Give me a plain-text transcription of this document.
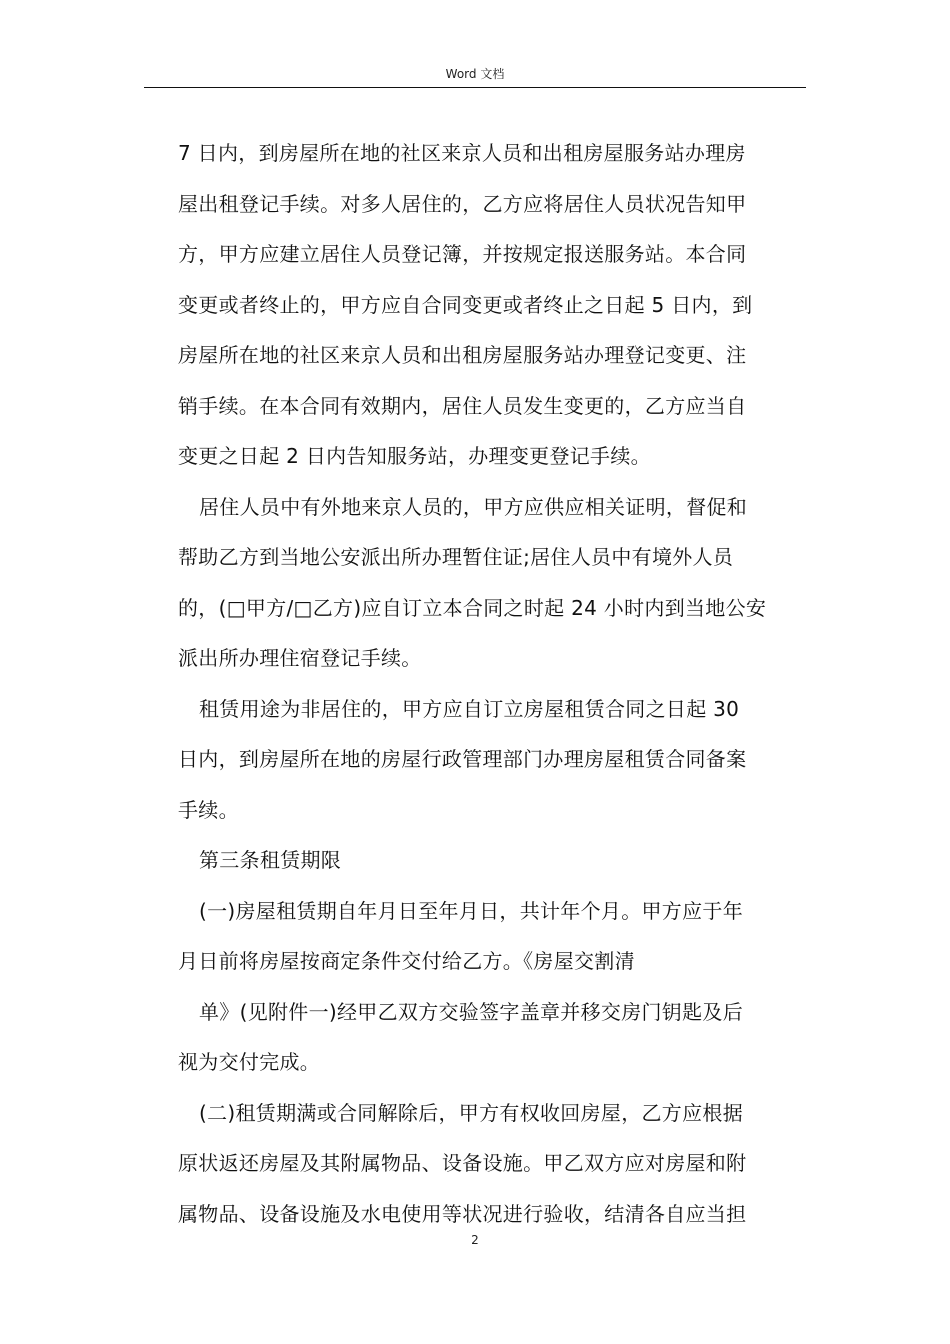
Word 文档
7 日内，到房屋所在地的社区来京人员和出租房屋服务站办理房
屋出租登记手续。对多人居住的，乙方应将居住人员状况告知甲
方，甲方应建立居住人员登记簿，并按规定报送服务站。本合同
变更或者终止的，甲方应自合同变更或者终止之日起 5 日内，到
房屋所在地的社区来京人员和出租房屋服务站办理登记变更、注
销手续。在本合同有效期内，居住人员发生变更的，乙方应当自
变更之日起 2 日内告知服务站，办理变更登记手续。
居住人员中有外地来京人员的，甲方应供应相关证明，督促和
帮助乙方到当地公安派出所办理暂住证;居住人员中有境外人员
的，(□甲方/□乙方)应自订立本合同之时起 24 小时内到当地公安
派出所办理住宿登记手续。
租赁用途为非居住的，甲方应自订立房屋租赁合同之日起 30
日内，到房屋所在地的房屋行政管理部门办理房屋租赁合同备案
手续。
第三条租赁期限
(一)房屋租赁期自年月日至年月日，共计年个月。甲方应于年
月日前将房屋按商定条件交付给乙方。《房屋交割清
单》(见附件一)经甲乙双方交验签字盖章并移交房门钥匙及后
视为交付完成。
(二)租赁期满或合同解除后，甲方有权收回房屋，乙方应根据
原状返还房屋及其附属物品、设备设施。甲乙双方应对房屋和附
属物品、设备设施及水电使用等状况进行验收，结清各自应当担
2
